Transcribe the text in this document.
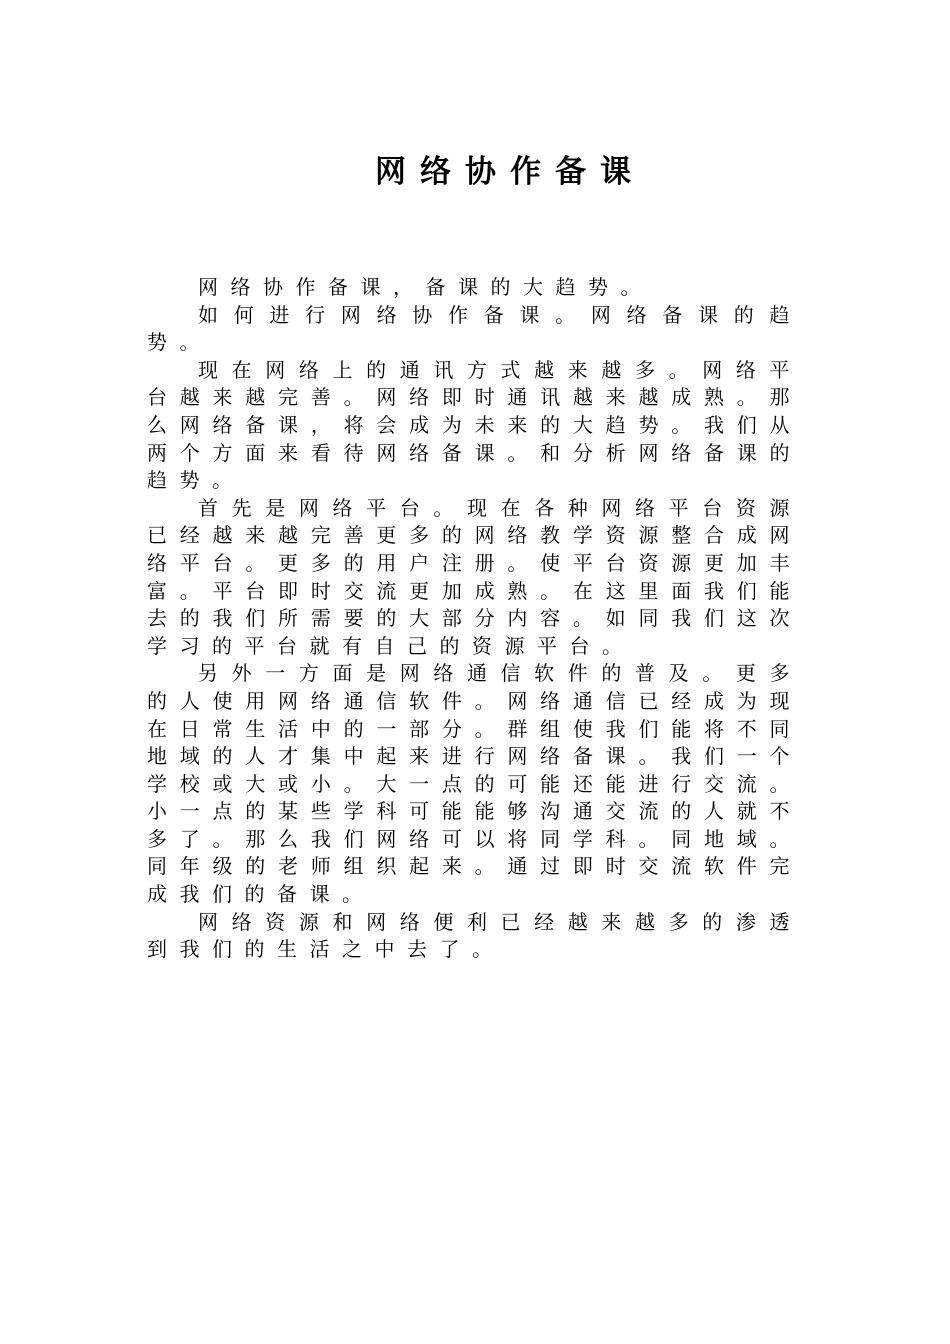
网络协作备课

网络协作备课，备课的大趋势。

如何进行网络协作备课。网络备课的趋势。

现在网络上的通讯方式越来越多。网络平台越来越完善。网络即时通讯越来越成熟。那么网络备课，将会成为未来的大趋势。我们从两个方面来看待网络备课。和分析网络备课的趋势。

首先是网络平台。现在各种网络平台资源已经越来越完善更多的网络教学资源整合成网络平台。更多的用户注册。使平台资源更加丰富。平台即时交流更加成熟。在这里面我们能去的我们所需要的大部分内容。如同我们这次学习的平台就有自己的资源平台。

另外一方面是网络通信软件的普及。更多的人使用网络通信软件。网络通信已经成为现在日常生活中的一部分。群组使我们能将不同地域的人才集中起来进行网络备课。我们一个学校或大或小。大一点的可能还能进行交流。小一点的某些学科可能能够沟通交流的人就不多了。那么我们网络可以将同学科。同地域。同年级的老师组织起来。通过即时交流软件完成我们的备课。

网络资源和网络便利已经越来越多的渗透到我们的生活之中去了。
